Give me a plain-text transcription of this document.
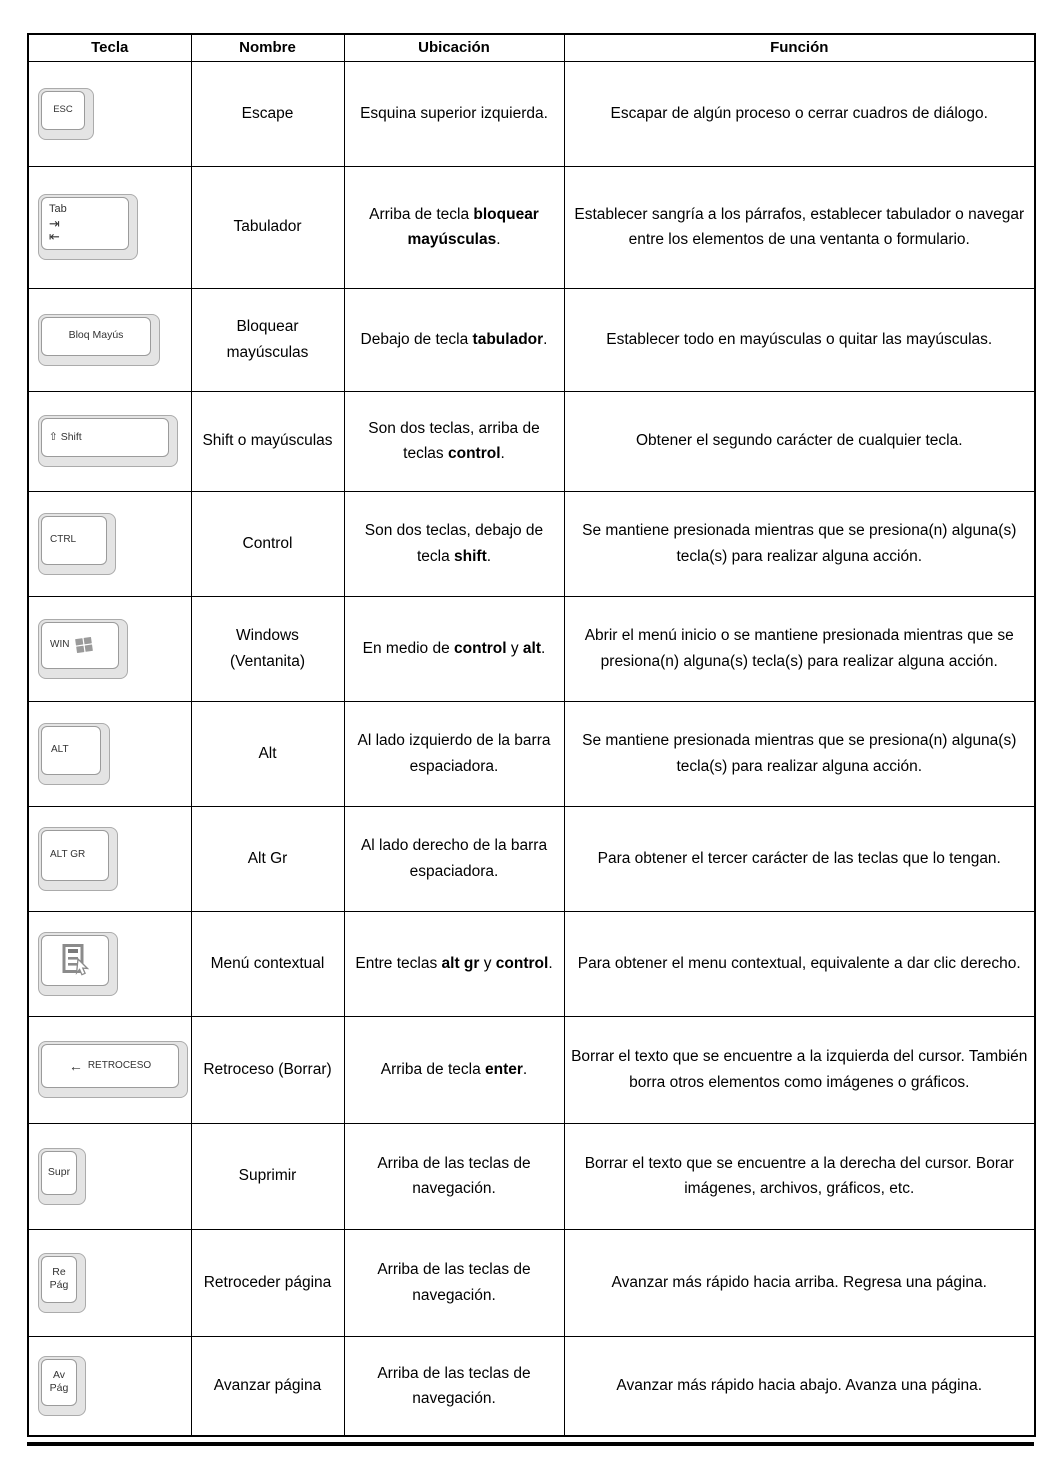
Tecla	Nombre	Ubicación	Función

ESC	Escape	Esquina superior izquierda.	Escapar de algún proceso o cerrar cuadros de diálogo.

Tab
⇥
⇤	Tabulador	Arriba de tecla bloquear mayúsculas.	Establecer sangría a los párrafos, establecer tabulador o navegar entre los elementos de una ventanta o formulario.

Bloq Mayús	Bloquear mayúsculas	Debajo de tecla tabulador.	Establecer todo en mayúsculas o quitar las mayúsculas.

⇧ Shift	Shift o mayúsculas	Son dos teclas, arriba de teclas control.	Obtener el segundo carácter de cualquier tecla.

CTRL	Control	Son dos teclas, debajo de tecla shift.	Se mantiene presionada mientras que se presiona(n) alguna(s) tecla(s) para realizar alguna acción.

WIN	Windows (Ventanita)	En medio de control y alt.	Abrir el menú inicio o se mantiene presionada mientras que se presiona(n) alguna(s) tecla(s) para realizar alguna acción.

ALT	Alt	Al lado izquierdo de la barra espaciadora.	Se mantiene presionada mientras que se presiona(n) alguna(s) tecla(s) para realizar alguna acción.

ALT GR	Alt Gr	Al lado derecho de la barra espaciadora.	Para obtener el tercer carácter de las teclas que lo tengan.

	Menú contextual	Entre teclas alt gr y control.	Para obtener el menu contextual, equivalente a dar clic derecho.

← RETROCESO	Retroceso (Borrar)	Arriba de tecla enter.	Borrar el texto que se encuentre a la izquierda del cursor. También borra otros elementos como imágenes o gráficos.

Supr	Suprimir	Arriba de las teclas de navegación.	Borrar el texto que se encuentre a la derecha del cursor. Borar imágenes, archivos, gráficos, etc.

Re
Pág	Retroceder página	Arriba de las teclas de navegación.	Avanzar más rápido hacia arriba. Regresa una página.

Av
Pág	Avanzar página	Arriba de las teclas de navegación.	Avanzar más rápido hacia abajo. Avanza una página.
